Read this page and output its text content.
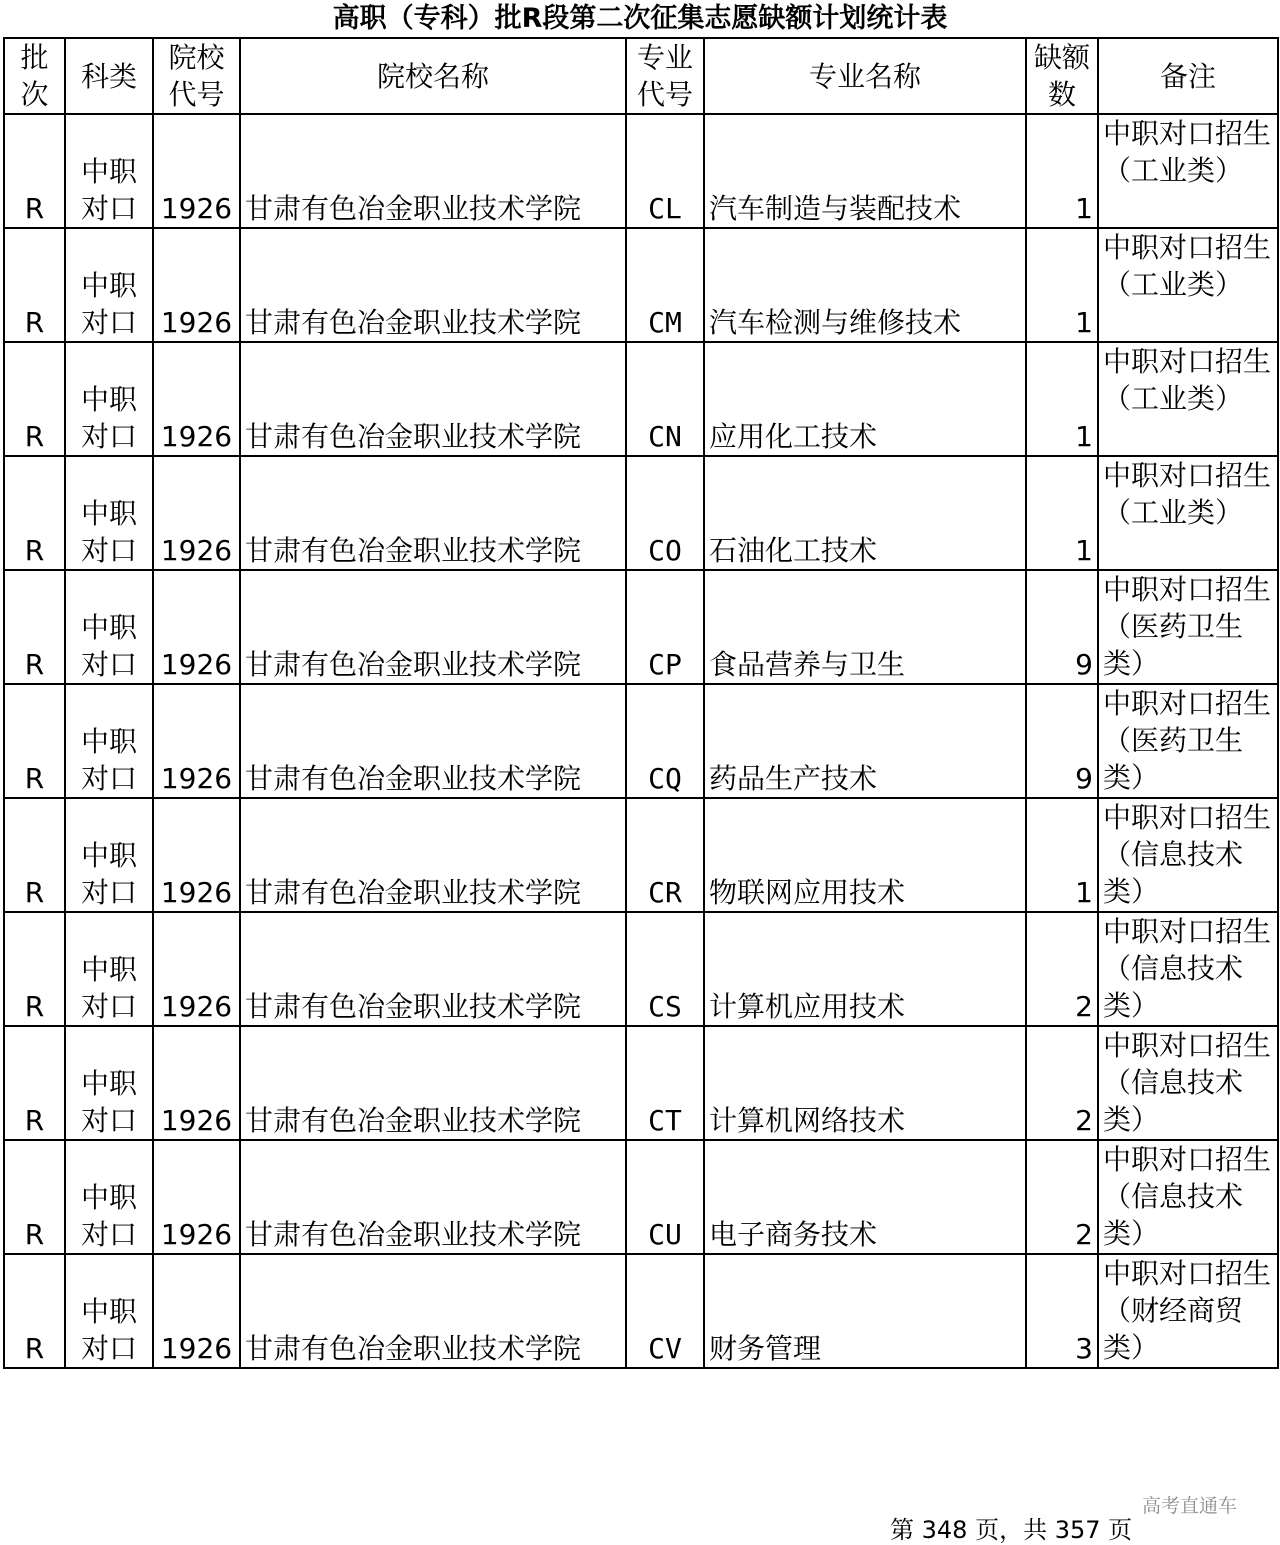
高职（专科）批R段第二次征集志愿缺额计划统计表
批次	科类	院校代号	院校名称	专业代号	专业名称	缺额数	备注
R	中职对口	1926	甘肃有色冶金职业技术学院	CL	汽车制造与装配技术	1	中职对口招生（工业类）
R	中职对口	1926	甘肃有色冶金职业技术学院	CM	汽车检测与维修技术	1	中职对口招生（工业类）
R	中职对口	1926	甘肃有色冶金职业技术学院	CN	应用化工技术	1	中职对口招生（工业类）
R	中职对口	1926	甘肃有色冶金职业技术学院	CO	石油化工技术	1	中职对口招生（工业类）
R	中职对口	1926	甘肃有色冶金职业技术学院	CP	食品营养与卫生	9	中职对口招生（医药卫生类）
R	中职对口	1926	甘肃有色冶金职业技术学院	CQ	药品生产技术	9	中职对口招生（医药卫生类）
R	中职对口	1926	甘肃有色冶金职业技术学院	CR	物联网应用技术	1	中职对口招生（信息技术类）
R	中职对口	1926	甘肃有色冶金职业技术学院	CS	计算机应用技术	2	中职对口招生（信息技术类）
R	中职对口	1926	甘肃有色冶金职业技术学院	CT	计算机网络技术	2	中职对口招生（信息技术类）
R	中职对口	1926	甘肃有色冶金职业技术学院	CU	电子商务技术	2	中职对口招生（信息技术类）
R	中职对口	1926	甘肃有色冶金职业技术学院	CV	财务管理	3	中职对口招生（财经商贸类）
高考直通车
第 348 页，共 357 页
